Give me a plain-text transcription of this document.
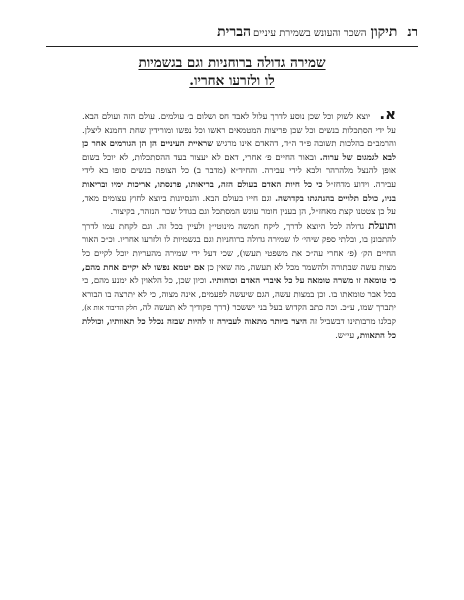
רנ
תיקון
השכר והעונש בשמירת עיניים
הברית
שמירה גדולה ברוחניות וגם בגשמיות
לו ולזרעו אחריו.

א. יוצא לשוק וכל שכן נוסע לדרך עלול לאבד חס ושלום ב׳ עולמים. עולם הזה ועולם הבא. על ידי הסתכלות בנשים וכל שכן פריצות המטמאים ראשו וכל נפשו ומורידין שחת רחמנא ליצלן. והרמב״ם בהלכות תשובה פ״ד ה״ד, דהאדם אינו מרגיש שראיית העיניים הן הן הגורמים אחר כן לבא לגמגום של ערוה. ובאור החיים פ׳ אחרי, דאם לא יעצור בעד ההסתכלות, לא יוכל בשום אופן להנצל מלהרהר ולבא לידי עבירה. והחיד״א (מדבר ב) כל הצופה בנשים סופו בא לידי עבירה. וידוע מדחז״ל כי כל חיות האדם בעולם הזה, בריאותו, פרנסתו, אריכות ימיו ובריאות בניו, כולם תלויים בהנהגתו בקדושה. וגם חייו בעולם הבא. והנסיונות ביוצא לחוץ עצומים מאד, על כן צטטנו קצת מאחז״ל, הן בענין חומר עונש המסתכל וגם בגודל שכר הנזהר, בקיצור.

ותועלת גדולה לכל היוצא לדרך, ליקח חמשה מינוטי״ן ולעיין בכל זה. וגם לקחת עמו לדרך להתבונן בו, ובלתי ספק שיהי׳ לו שמירה גדולה ברוחניות וגם בגשמיות לו ולזרעו אחריו. וכ״כ האור החיים הק׳ (פ׳ אחרי עה״כ את משפטי תעשו), שכי דעל ידי שמירה מהעריות יוכל לקיים כל מצות עשה שבתורה ולהשמר מכל לא תעשה, מה שאין כן אם יטמא נפשו לא יקיים אחת מהם, כי טומאה זו משרה טומאה על כל איברי האדם וכוחותיו. וכיון שכן, כל הלאוין לא ימנע מהם, כי בכל אבר טומאתו בו. וכן במצות עשה, הגם שיעשה לפעמים, אינה מצוה, כי לא יתרצה בו הבורא יתברך שמו, ע״כ. וכה כתב הקדוש בעל בני יששכר (דרך פקודיך לא תעשה לה, חלק הדיבור אות א), קבלנו מרבותינו דבשביל זה היצר ביותר מתאוה לעבירה זו להיות שבזה נכלל כל תאוותיו, וכוללת כל התאוות, עי״ש.
